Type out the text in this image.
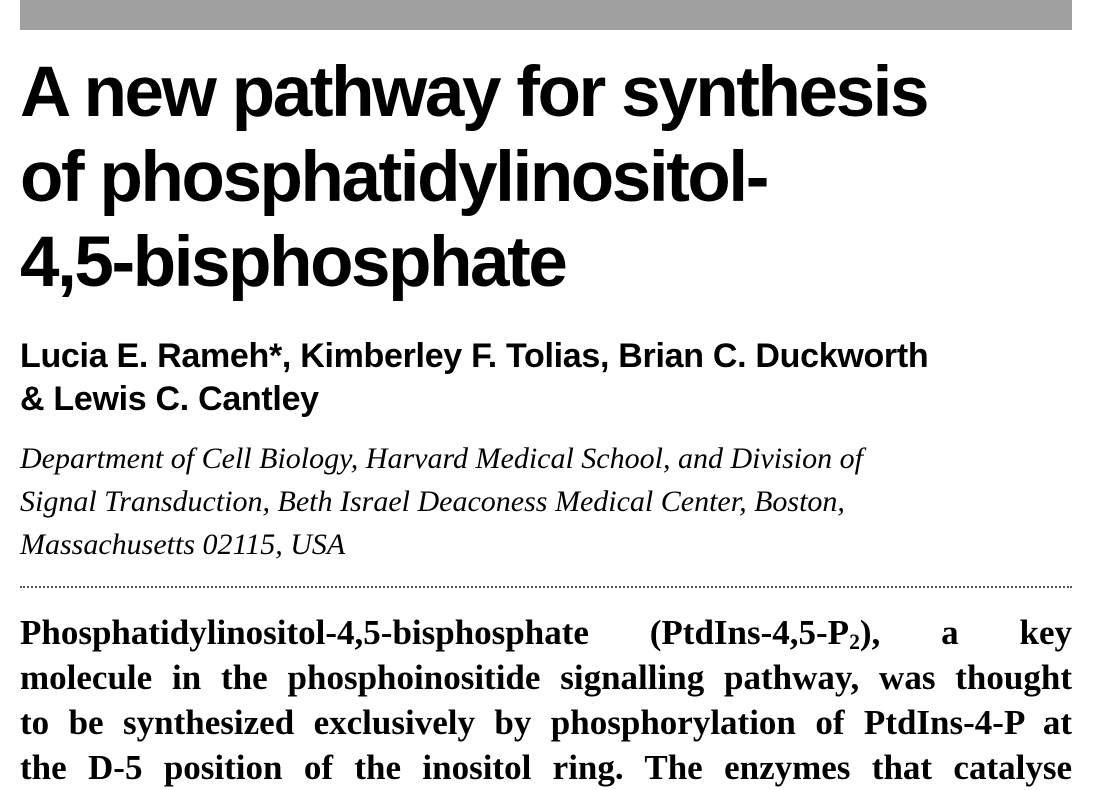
A new pathway for synthesis
of phosphatidylinositol-
4,5-bisphosphate

Lucia E. Rameh*, Kimberley F. Tolias, Brian C. Duckworth
& Lewis C. Cantley

Department of Cell Biology, Harvard Medical School, and Division of
Signal Transduction, Beth Israel Deaconess Medical Center, Boston,
Massachusetts 02115, USA

Phosphatidylinositol-4,5-bisphosphate $(PtdIns-4,5-P_2)$, a key
molecule in the phosphoinositide signalling pathway, was thought
to be synthesized exclusively by phosphorylation of PtdIns-4-P at
the D-5 position of the inositol ring. The enzymes that catalyse
